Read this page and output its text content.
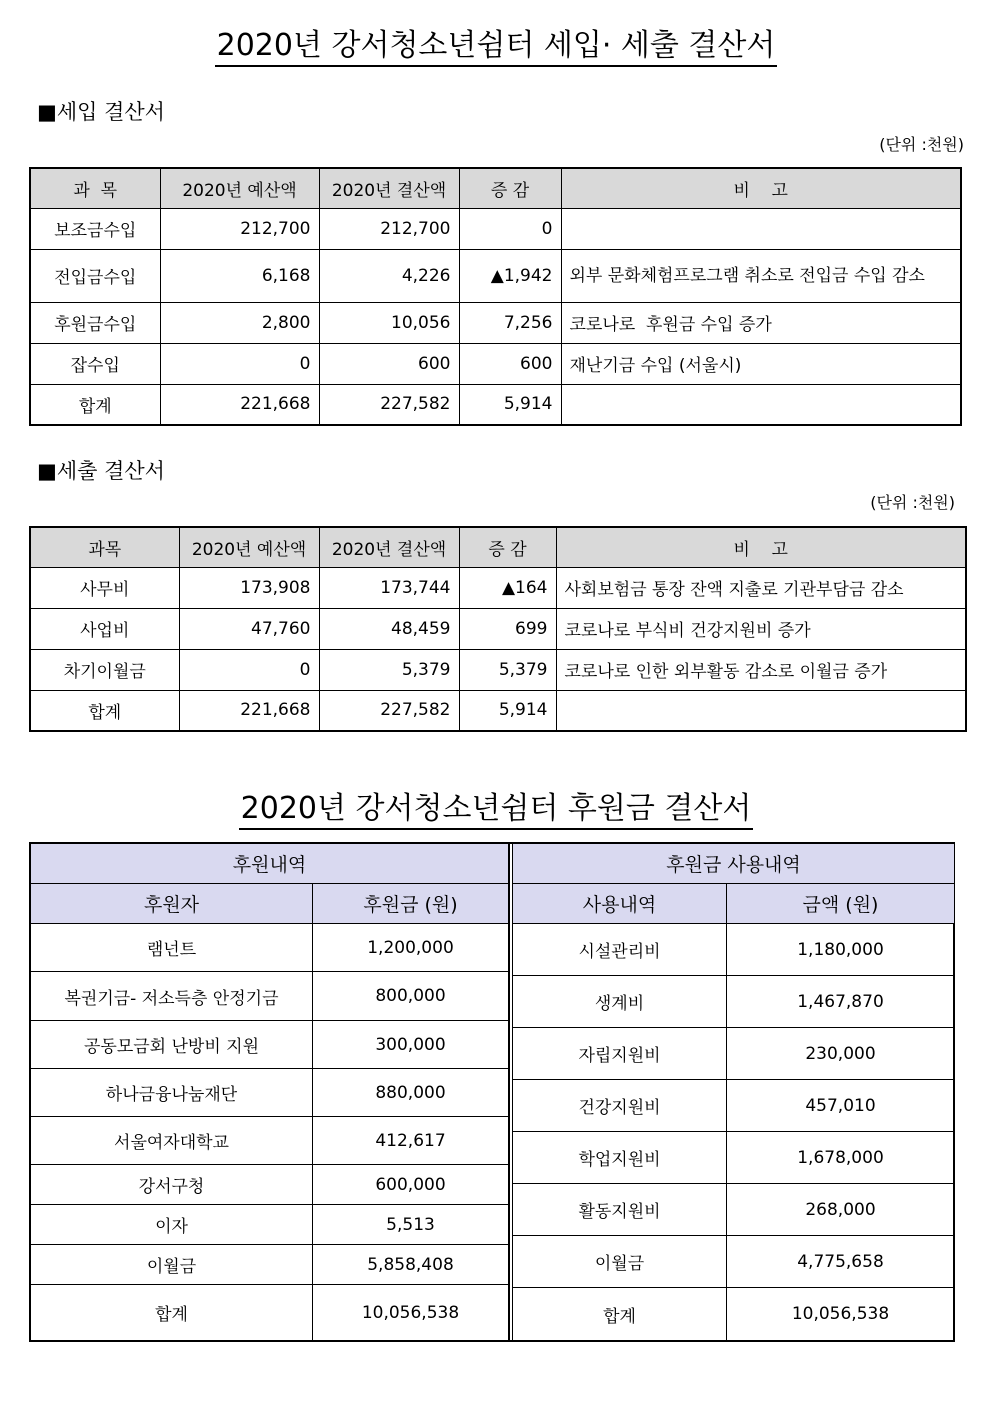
2020년 강서청소년쉼터 세입· 세출 결산서
■세입 결산서
(단위 :천원)
과  목	2020년 예산액	2020년 결산액	증 감	비    고
보조금수입	212,700	212,700	0	
전입금수입	6,168	4,226	▲1,942	외부 문화체험프로그램 취소로 전입금 수입 감소
후원금수입	2,800	10,056	7,256	코로나로  후원금 수입 증가
잡수입	0	600	600	재난기금 수입 (서울시)
합계	221,668	227,582	5,914	
■세출 결산서
(단위 :천원)
과목	2020년 예산액	2020년 결산액	증 감	비    고
사무비	173,908	173,744	▲164	사회보험금 통장 잔액 지출로 기관부담금 감소
사업비	47,760	48,459	699	코로나로 부식비 건강지원비 증가
차기이월금	0	5,379	5,379	코로나로 인한 외부활동 감소로 이월금 증가
합계	221,668	227,582	5,914	
2020년 강서청소년쉼터 후원금 결산서
후원내역
후원자	후원금 (원)
램넌트	1,200,000
복권기금- 저소득층 안정기금	800,000
공동모금회 난방비 지원	300,000
하나금융나눔재단	880,000
서울여자대학교	412,617
강서구청	600,000
이자	5,513
이월금	5,858,408
합계	10,056,538
후원금 사용내역
사용내역	금액 (원)
시설관리비	1,180,000
생계비	1,467,870
자립지원비	230,000
건강지원비	457,010
학업지원비	1,678,000
활동지원비	268,000
이월금	4,775,658
합계	10,056,538
